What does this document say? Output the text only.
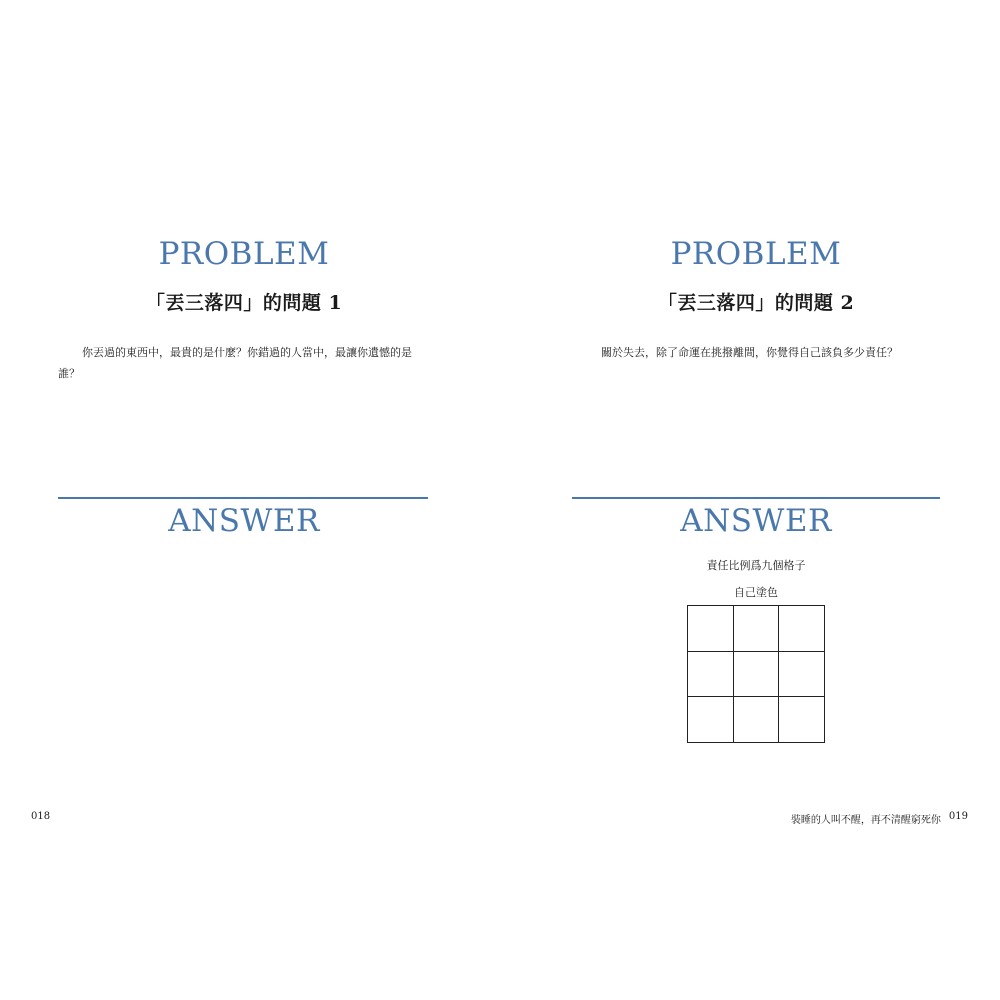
PROBLEM
「丟三落四」的問題 1
你丟過的東西中，最貴的是什麼？你錯過的人當中，最讓你遺憾的是誰？
ANSWER
018
PROBLEM
「丟三落四」的問題 2
關於失去，除了命運在挑撥離間，你覺得自己該負多少責任？
ANSWER
責任比例爲九個格子
自己塗色
裝睡的人叫不醒，再不清醒窮死你 019
